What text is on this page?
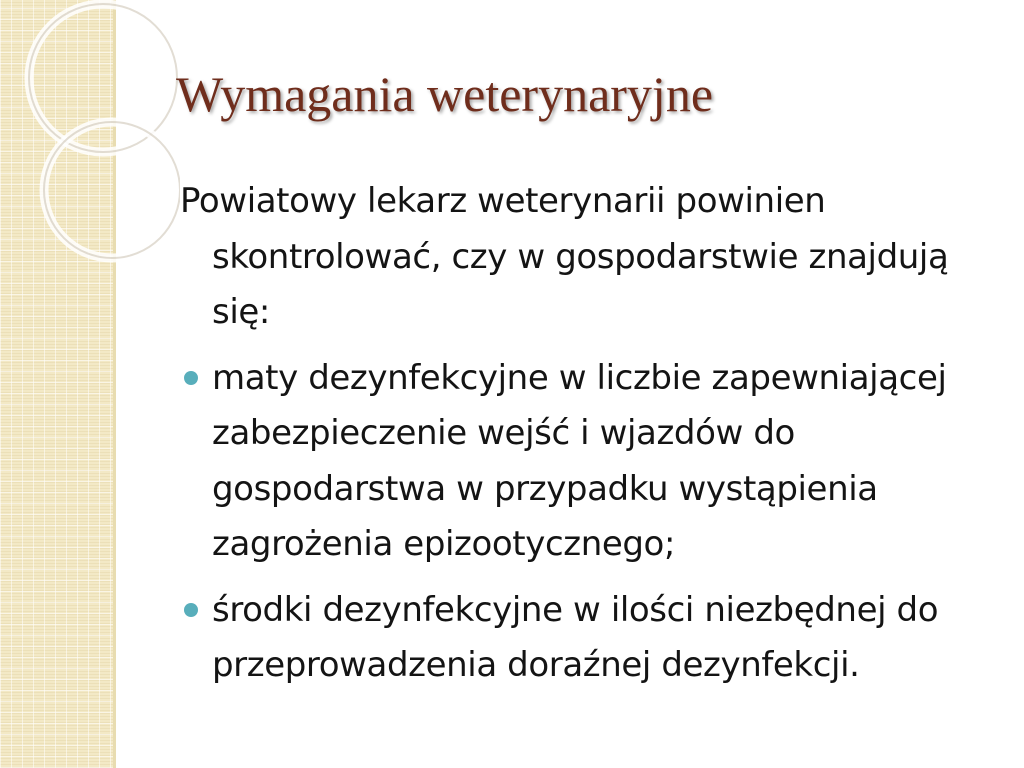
Wymagania weterynaryjne

Powiatowy lekarz weterynarii powinien skontrolować, czy w gospodarstwie znajdują się:

maty dezynfekcyjne w liczbie zapewniającej zabezpieczenie wejść i wjazdów do gospodarstwa w przypadku wystąpienia zagrożenia epizootycznego;
środki dezynfekcyjne w ilości niezbędnej do przeprowadzenia doraźnej dezynfekcji.
